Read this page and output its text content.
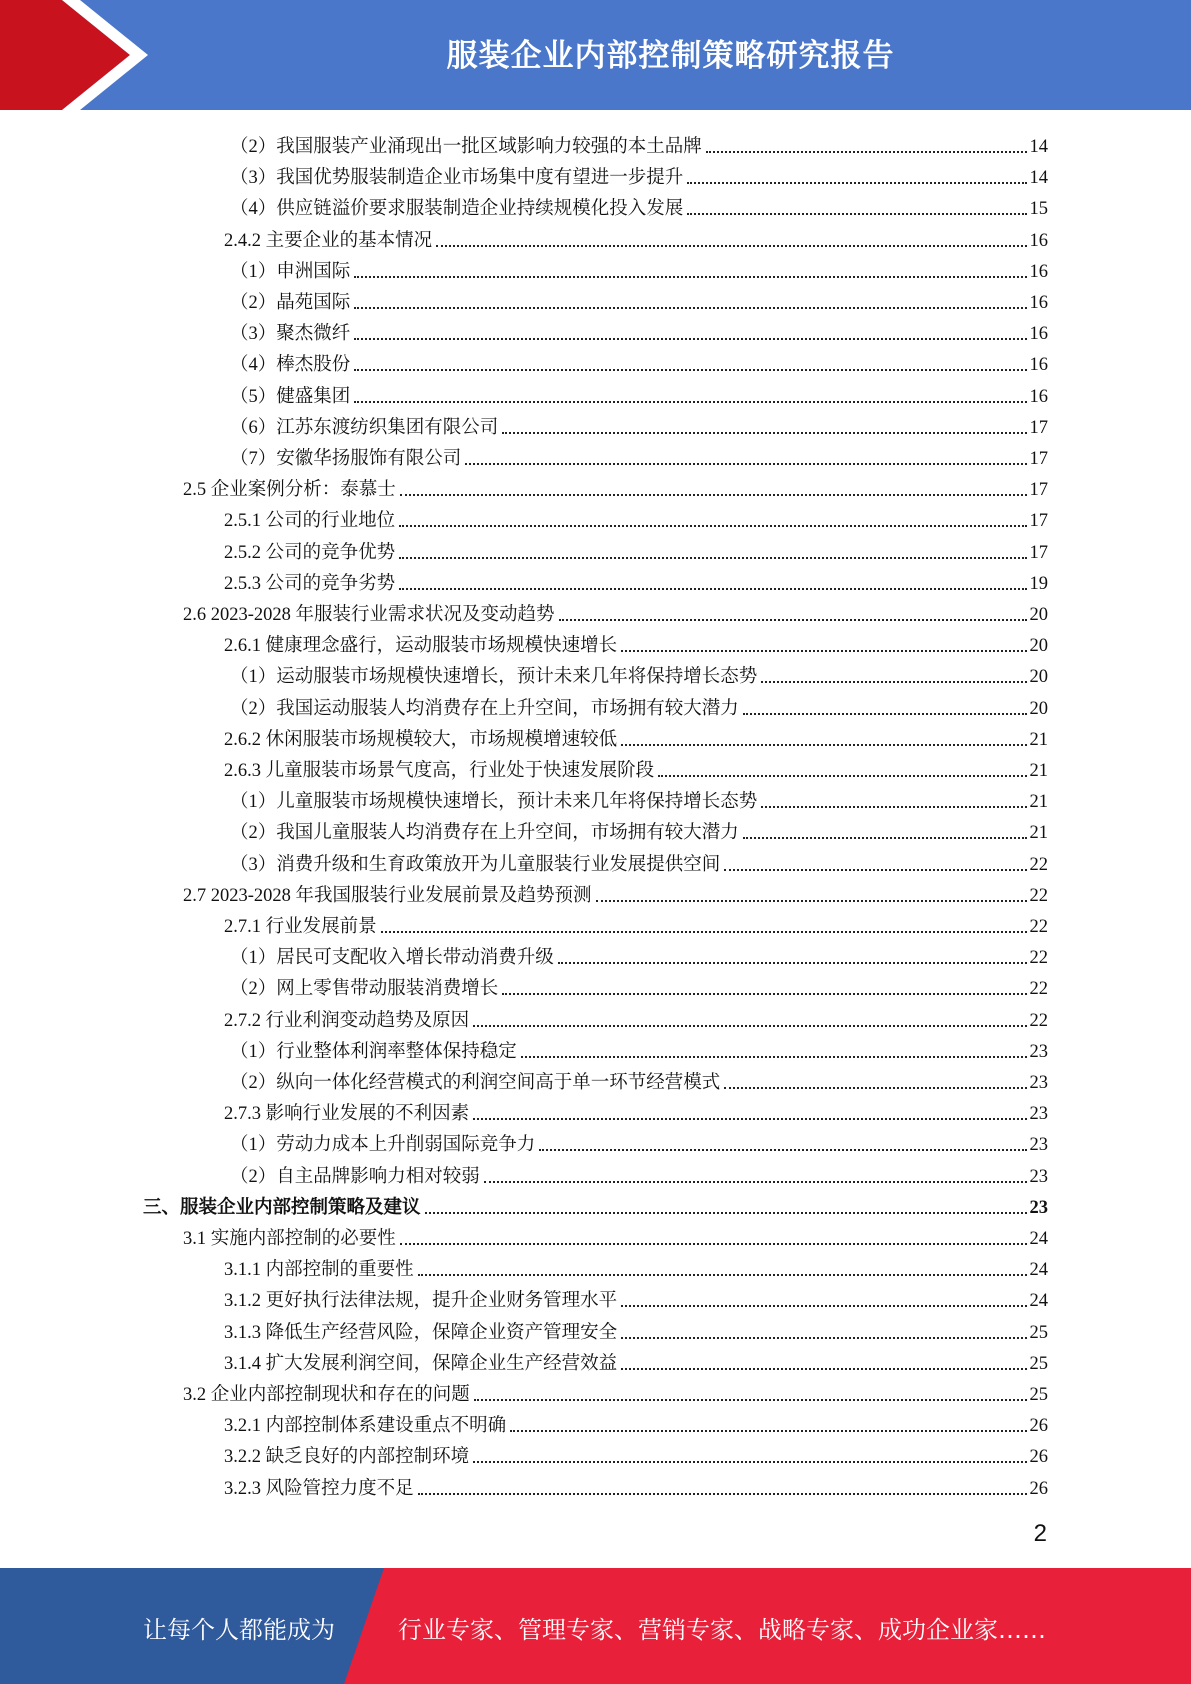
服装企业内部控制策略研究报告
（2）我国服装产业涌现出一批区域影响力较强的本土品牌	14
（3）我国优势服装制造企业市场集中度有望进一步提升	14
（4）供应链溢价要求服装制造企业持续规模化投入发展	15
2.4.2 主要企业的基本情况	16
（1）申洲国际	16
（2）晶苑国际	16
（3）聚杰微纤	16
（4）棒杰股份	16
（5）健盛集团	16
（6）江苏东渡纺织集团有限公司	17
（7）安徽华扬服饰有限公司	17
2.5 企业案例分析：泰慕士	17
2.5.1 公司的行业地位	17
2.5.2 公司的竞争优势	17
2.5.3 公司的竞争劣势	19
2.6 2023-2028 年服装行业需求状况及变动趋势	20
2.6.1 健康理念盛行，运动服装市场规模快速增长	20
（1）运动服装市场规模快速增长，预计未来几年将保持增长态势	20
（2）我国运动服装人均消费存在上升空间，市场拥有较大潜力	20
2.6.2 休闲服装市场规模较大，市场规模增速较低	21
2.6.3 儿童服装市场景气度高，行业处于快速发展阶段	21
（1）儿童服装市场规模快速增长，预计未来几年将保持增长态势	21
（2）我国儿童服装人均消费存在上升空间，市场拥有较大潜力	21
（3）消费升级和生育政策放开为儿童服装行业发展提供空间	22
2.7 2023-2028 年我国服装行业发展前景及趋势预测	22
2.7.1 行业发展前景	22
（1）居民可支配收入增长带动消费升级	22
（2）网上零售带动服装消费增长	22
2.7.2 行业利润变动趋势及原因	22
（1）行业整体利润率整体保持稳定	23
（2）纵向一体化经营模式的利润空间高于单一环节经营模式	23
2.7.3 影响行业发展的不利因素	23
（1）劳动力成本上升削弱国际竞争力	23
（2）自主品牌影响力相对较弱	23
三、服装企业内部控制策略及建议	23
3.1 实施内部控制的必要性	24
3.1.1 内部控制的重要性	24
3.1.2 更好执行法律法规，提升企业财务管理水平	24
3.1.3 降低生产经营风险，保障企业资产管理安全	25
3.1.4 扩大发展利润空间，保障企业生产经营效益	25
3.2 企业内部控制现状和存在的问题	25
3.2.1 内部控制体系建设重点不明确	26
3.2.2 缺乏良好的内部控制环境	26
3.2.3 风险管控力度不足	26
2
让每个人都能成为	行业专家、管理专家、营销专家、战略专家、成功企业家……
